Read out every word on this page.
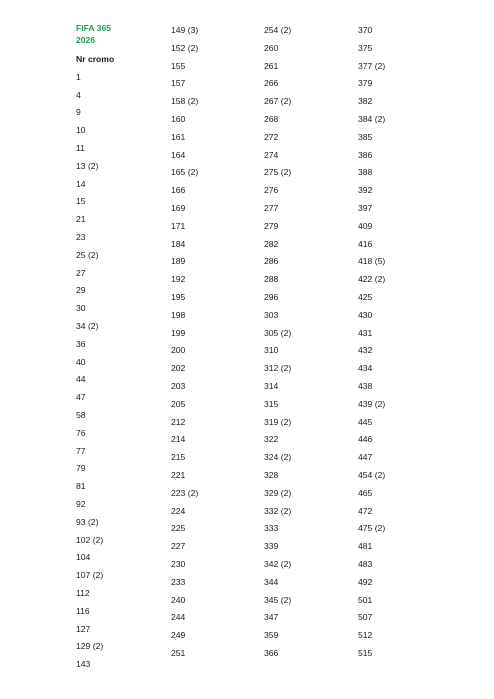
FIFA 365
2026
Nr cromo
1
4
9
10
11
13 (2)
14
15
21
23
25 (2)
27
29
30
34 (2)
36
40
44
47
58
76
77
79
81
92
93 (2)
102 (2)
104
107 (2)
112
116
127
129 (2)
143
149 (3)
152 (2)
155
157
158 (2)
160
161
164
165 (2)
166
169
171
184
189
192
195
198
199
200
202
203
205
212
214
215
221
223 (2)
224
225
227
230
233
240
244
249
251
254 (2)
260
261
266
267 (2)
268
272
274
275 (2)
276
277
279
282
286
288
296
303
305 (2)
310
312 (2)
314
315
319 (2)
322
324 (2)
328
329 (2)
332 (2)
333
339
342 (2)
344
345 (2)
347
359
366
370
375
377 (2)
379
382
384 (2)
385
386
388
392
397
409
416
418 (5)
422 (2)
425
430
431
432
434
438
439 (2)
445
446
447
454 (2)
465
472
475 (2)
481
483
492
501
507
512
515
